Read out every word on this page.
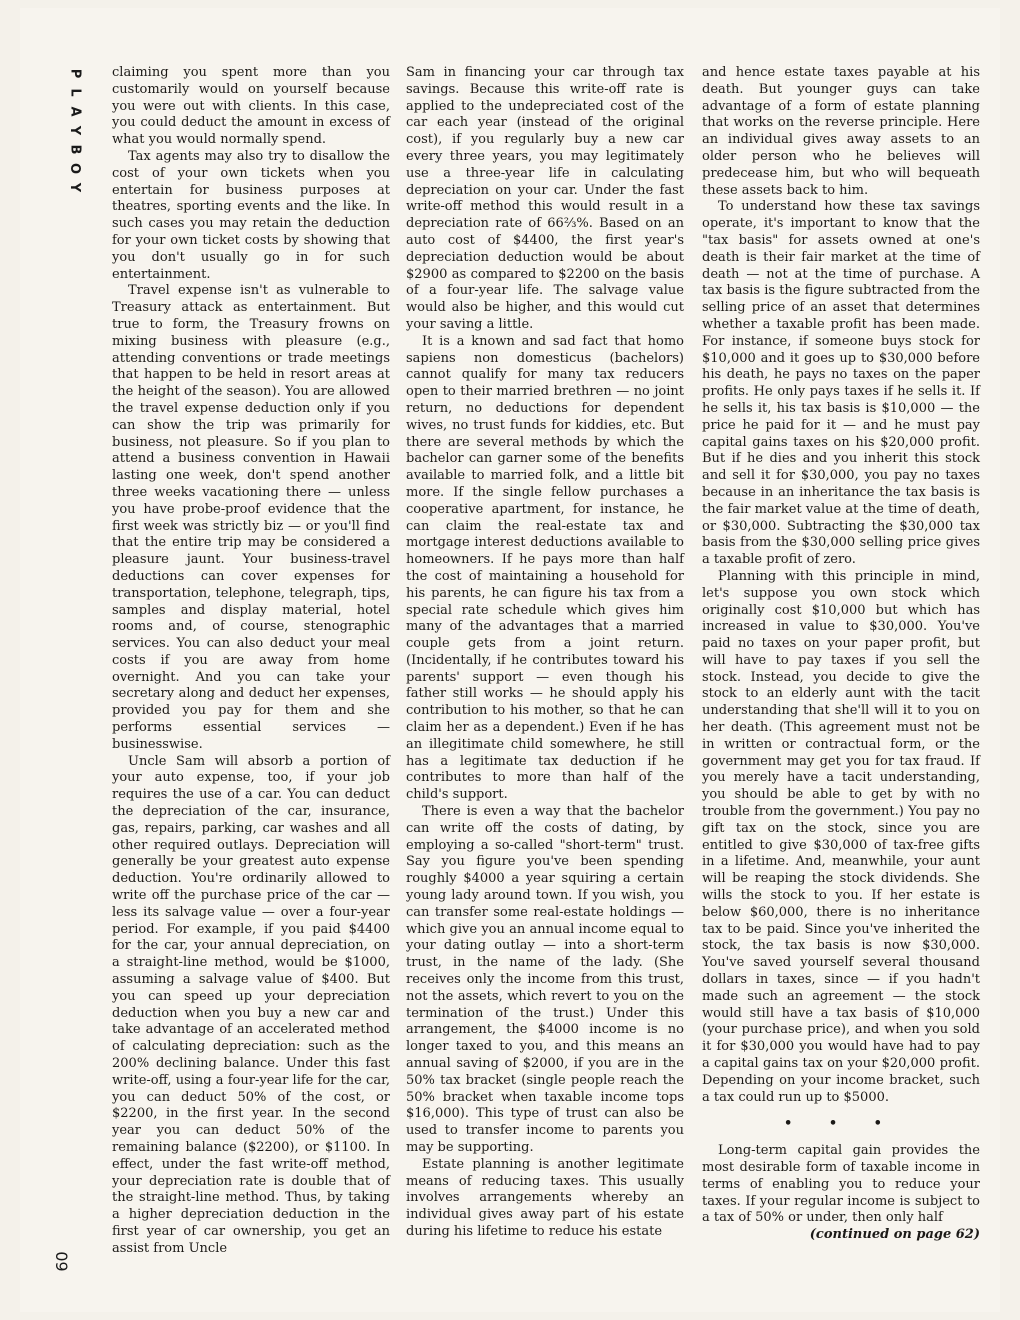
P
L
A
Y
B
O
Y

claiming you spent more than you customarily would on yourself because you were out with clients. In this case, you could deduct the amount in excess of what you would normally spend.

Tax agents may also try to disallow the cost of your own tickets when you entertain for business purposes at theatres, sporting events and the like. In such cases you may retain the deduction for your own ticket costs by showing that you don't usually go in for such entertainment.

Travel expense isn't as vulnerable to Treasury attack as entertainment. But true to form, the Treasury frowns on mixing business with pleasure (e.g., attending conventions or trade meetings that happen to be held in resort areas at the height of the season). You are allowed the travel expense deduction only if you can show the trip was primarily for business, not pleasure. So if you plan to attend a business convention in Hawaii lasting one week, don't spend another three weeks vacationing there — unless you have probe-proof evidence that the first week was strictly biz — or you'll find that the entire trip may be considered a pleasure jaunt. Your business-travel deductions can cover expenses for transportation, telephone, telegraph, tips, samples and display material, hotel rooms and, of course, stenographic services. You can also deduct your meal costs if you are away from home overnight. And you can take your secretary along and deduct her expenses, provided you pay for them and she performs essential services — businesswise.

Uncle Sam will absorb a portion of your auto expense, too, if your job requires the use of a car. You can deduct the depreciation of the car, insurance, gas, repairs, parking, car washes and all other required outlays. Depreciation will generally be your greatest auto expense deduction. You're ordinarily allowed to write off the purchase price of the car — less its salvage value — over a four-year period. For example, if you paid $4400 for the car, your annual depreciation, on a straight-line method, would be $1000, assuming a salvage value of $400. But you can speed up your depreciation deduction when you buy a new car and take advantage of an accelerated method of calculating depreciation: such as the 200% declining balance. Under this fast write-off, using a four-year life for the car, you can deduct 50% of the cost, or $2200, in the first year. In the second year you can deduct 50% of the remaining balance ($2200), or $1100. In effect, under the fast write-off method, your depreciation rate is double that of the straight-line method. Thus, by taking a higher depreciation deduction in the first year of car ownership, you get an assist from Uncle

Sam in financing your car through tax savings. Because this write-off rate is applied to the undepreciated cost of the car each year (instead of the original cost), if you regularly buy a new car every three years, you may legitimately use a three-year life in calculating depreciation on your car. Under the fast write-off method this would result in a depreciation rate of 66⅔%. Based on an auto cost of $4400, the first year's depreciation deduction would be about $2900 as compared to $2200 on the basis of a four-year life. The salvage value would also be higher, and this would cut your saving a little.

It is a known and sad fact that homo sapiens non domesticus (bachelors) cannot qualify for many tax reducers open to their married brethren — no joint return, no deductions for dependent wives, no trust funds for kiddies, etc. But there are several methods by which the bachelor can garner some of the benefits available to married folk, and a little bit more. If the single fellow purchases a cooperative apartment, for instance, he can claim the real-estate tax and mortgage interest deductions available to homeowners. If he pays more than half the cost of maintaining a household for his parents, he can figure his tax from a special rate schedule which gives him many of the advantages that a married couple gets from a joint return. (Incidentally, if he contributes toward his parents' support — even though his father still works — he should apply his contribution to his mother, so that he can claim her as a dependent.) Even if he has an illegitimate child somewhere, he still has a legitimate tax deduction if he contributes to more than half of the child's support.

There is even a way that the bachelor can write off the costs of dating, by employing a so-called "short-term" trust. Say you figure you've been spending roughly $4000 a year squiring a certain young lady around town. If you wish, you can transfer some real-estate holdings — which give you an annual income equal to your dating outlay — into a short-term trust, in the name of the lady. (She receives only the income from this trust, not the assets, which revert to you on the termination of the trust.) Under this arrangement, the $4000 income is no longer taxed to you, and this means an annual saving of $2000, if you are in the 50% tax bracket (single people reach the 50% bracket when taxable income tops $16,000). This type of trust can also be used to transfer income to parents you may be supporting.

Estate planning is another legitimate means of reducing taxes. This usually involves arrangements whereby an individual gives away part of his estate during his lifetime to reduce his estate

and hence estate taxes payable at his death. But younger guys can take advantage of a form of estate planning that works on the reverse principle. Here an individual gives away assets to an older person who he believes will predecease him, but who will bequeath these assets back to him.

To understand how these tax savings operate, it's important to know that the "tax basis" for assets owned at one's death is their fair market at the time of death — not at the time of purchase. A tax basis is the figure subtracted from the selling price of an asset that determines whether a taxable profit has been made. For instance, if someone buys stock for $10,000 and it goes up to $30,000 before his death, he pays no taxes on the paper profits. He only pays taxes if he sells it. If he sells it, his tax basis is $10,000 — the price he paid for it — and he must pay capital gains taxes on his $20,000 profit. But if he dies and you inherit this stock and sell it for $30,000, you pay no taxes because in an inheritance the tax basis is the fair market value at the time of death, or $30,000. Subtracting the $30,000 tax basis from the $30,000 selling price gives a taxable profit of zero.

Planning with this principle in mind, let's suppose you own stock which originally cost $10,000 but which has increased in value to $30,000. You've paid no taxes on your paper profit, but will have to pay taxes if you sell the stock. Instead, you decide to give the stock to an elderly aunt with the tacit understanding that she'll will it to you on her death. (This agreement must not be in written or contractual form, or the government may get you for tax fraud. If you merely have a tacit understanding, you should be able to get by with no trouble from the government.) You pay no gift tax on the stock, since you are entitled to give $30,000 of tax-free gifts in a lifetime. And, meanwhile, your aunt will be reaping the stock dividends. She wills the stock to you. If her estate is below $60,000, there is no inheritance tax to be paid. Since you've inherited the stock, the tax basis is now $30,000. You've saved yourself several thousand dollars in taxes, since — if you hadn't made such an agreement — the stock would still have a tax basis of $10,000 (your purchase price), and when you sold it for $30,000 you would have had to pay a capital gains tax on your $20,000 profit. Depending on your income bracket, such a tax could run up to $5000.

• • •

Long-term capital gain provides the most desirable form of taxable income in terms of enabling you to reduce your taxes. If your regular income is subject to a tax of 50% or under, then only half

(continued on page 62)

60
